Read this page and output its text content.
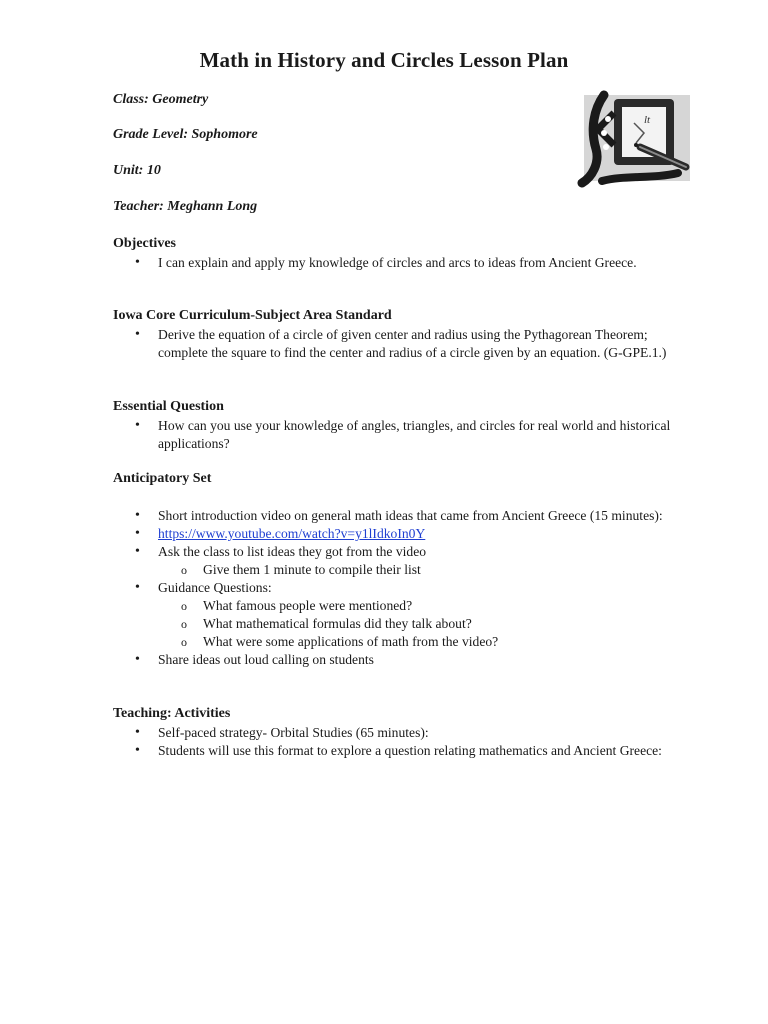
Math in History and Circles Lesson Plan
Class: Geometry
Grade Level: Sophomore
Unit: 10
Teacher: Meghann Long
lt
Objectives
• I can explain and apply my knowledge of circles and arcs to ideas from Ancient Greece.
Iowa Core Curriculum-Subject Area Standard
• Derive the equation of a circle of given center and radius using the Pythagorean Theorem; complete the square to find the center and radius of a circle given by an equation. (G-GPE.1.)
Essential Question
• How can you use your knowledge of angles, triangles, and circles for real world and historical applications?
Anticipatory Set
• Short introduction video on general math ideas that came from Ancient Greece (15 minutes):
• https://www.youtube.com/watch?v=y1lIdkoIn0Y
• Ask the class to list ideas they got from the video
o Give them 1 minute to compile their list
• Guidance Questions:
o What famous people were mentioned?
o What mathematical formulas did they talk about?
o What were some applications of math from the video?
• Share ideas out loud calling on students
Teaching: Activities
• Self-paced strategy- Orbital Studies (65 minutes):
• Students will use this format to explore a question relating mathematics and Ancient Greece:
